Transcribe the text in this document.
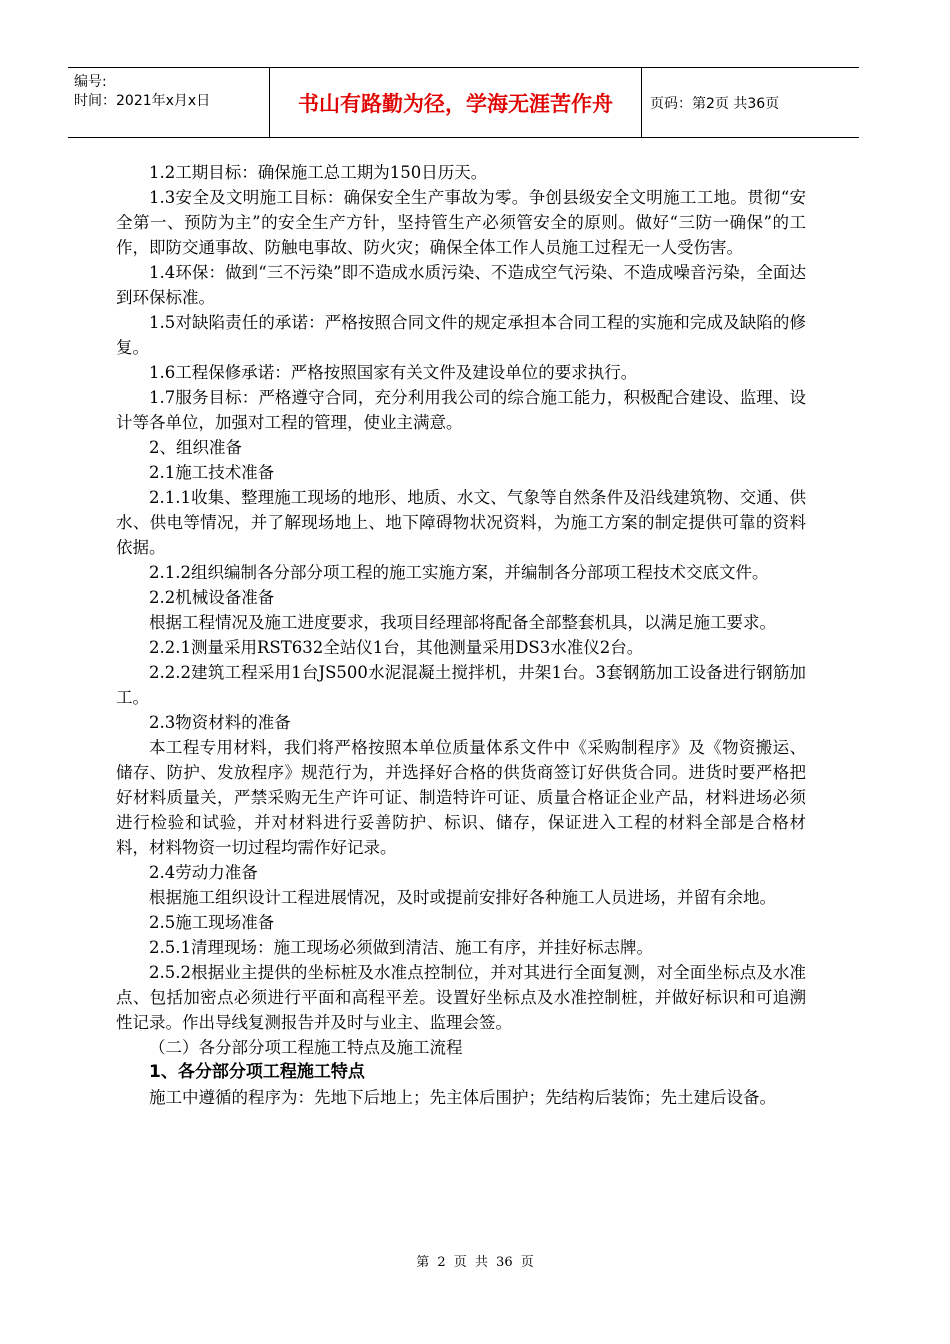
编号:
时间：2021年x月x日	书山有路勤为径，学海无涯苦作舟	页码：第2页 共36页

1.2工期目标：确保施工总工期为150日历天。

1.3安全及文明施工目标：确保安全生产事故为零。争创县级安全文明施工工地。贯彻“安全第一、预防为主”的安全生产方针，坚持管生产必须管安全的原则。做好“三防一确保”的工作，即防交通事故、防触电事故、防火灾；确保全体工作人员施工过程无一人受伤害。

1.4环保：做到“三不污染”即不造成水质污染、不造成空气污染、不造成噪音污染，全面达到环保标准。

1.5对缺陷责任的承诺：严格按照合同文件的规定承担本合同工程的实施和完成及缺陷的修复。

1.6工程保修承诺：严格按照国家有关文件及建设单位的要求执行。

1.7服务目标：严格遵守合同，充分利用我公司的综合施工能力，积极配合建设、监理、设计等各单位，加强对工程的管理，使业主满意。

2、组织准备

2.1施工技术准备

2.1.1收集、整理施工现场的地形、地质、水文、气象等自然条件及沿线建筑物、交通、供水、供电等情况，并了解现场地上、地下障碍物状况资料，为施工方案的制定提供可靠的资料依据。

2.1.2组织编制各分部分项工程的施工实施方案，并编制各分部项工程技术交底文件。

2.2机械设备准备

根据工程情况及施工进度要求，我项目经理部将配备全部整套机具，以满足施工要求。

2.2.1测量采用RST632全站仪1台，其他测量采用DS3水准仪2台。

2.2.2建筑工程采用1台JS500水泥混凝土搅拌机，井架1台。3套钢筋加工设备进行钢筋加工。

2.3物资材料的准备

本工程专用材料，我们将严格按照本单位质量体系文件中《采购制程序》及《物资搬运、储存、防护、发放程序》规范行为，并选择好合格的供货商签订好供货合同。进货时要严格把好材料质量关，严禁采购无生产许可证、制造特许可证、质量合格证企业产品，材料进场必须进行检验和试验，并对材料进行妥善防护、标识、储存，保证进入工程的材料全部是合格材料，材料物资一切过程均需作好记录。

2.4劳动力准备

根据施工组织设计工程进展情况，及时或提前安排好各种施工人员进场，并留有余地。

2.5施工现场准备

2.5.1清理现场：施工现场必须做到清洁、施工有序，并挂好标志牌。

2.5.2根据业主提供的坐标桩及水准点控制位，并对其进行全面复测，对全面坐标点及水准点、包括加密点必须进行平面和高程平差。设置好坐标点及水准控制桩，并做好标识和可追溯性记录。作出导线复测报告并及时与业主、监理会签。

（二）各分部分项工程施工特点及施工流程

1、各分部分项工程施工特点

施工中遵循的程序为：先地下后地上；先主体后围护；先结构后装饰；先土建后设备。

第 2 页 共 36 页
